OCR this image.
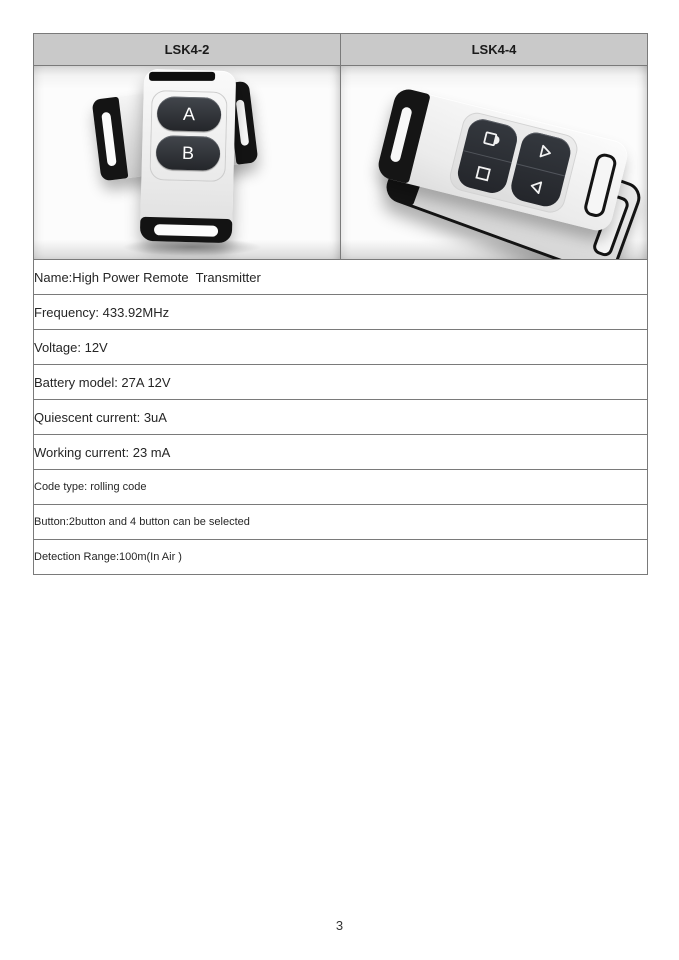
LSK4-2	LSK4-4

A
B

Name:High Power Remote  Transmitter	
Frequency: 433.92MHz	
Voltage: 12V	
Battery model: 27A 12V	
Quiescent current: 3uA	
Working current: 23 mA	
Code type: rolling code	
Button:2button and 4 button can be selected	
Detection Range:100m(In Air )	
3
